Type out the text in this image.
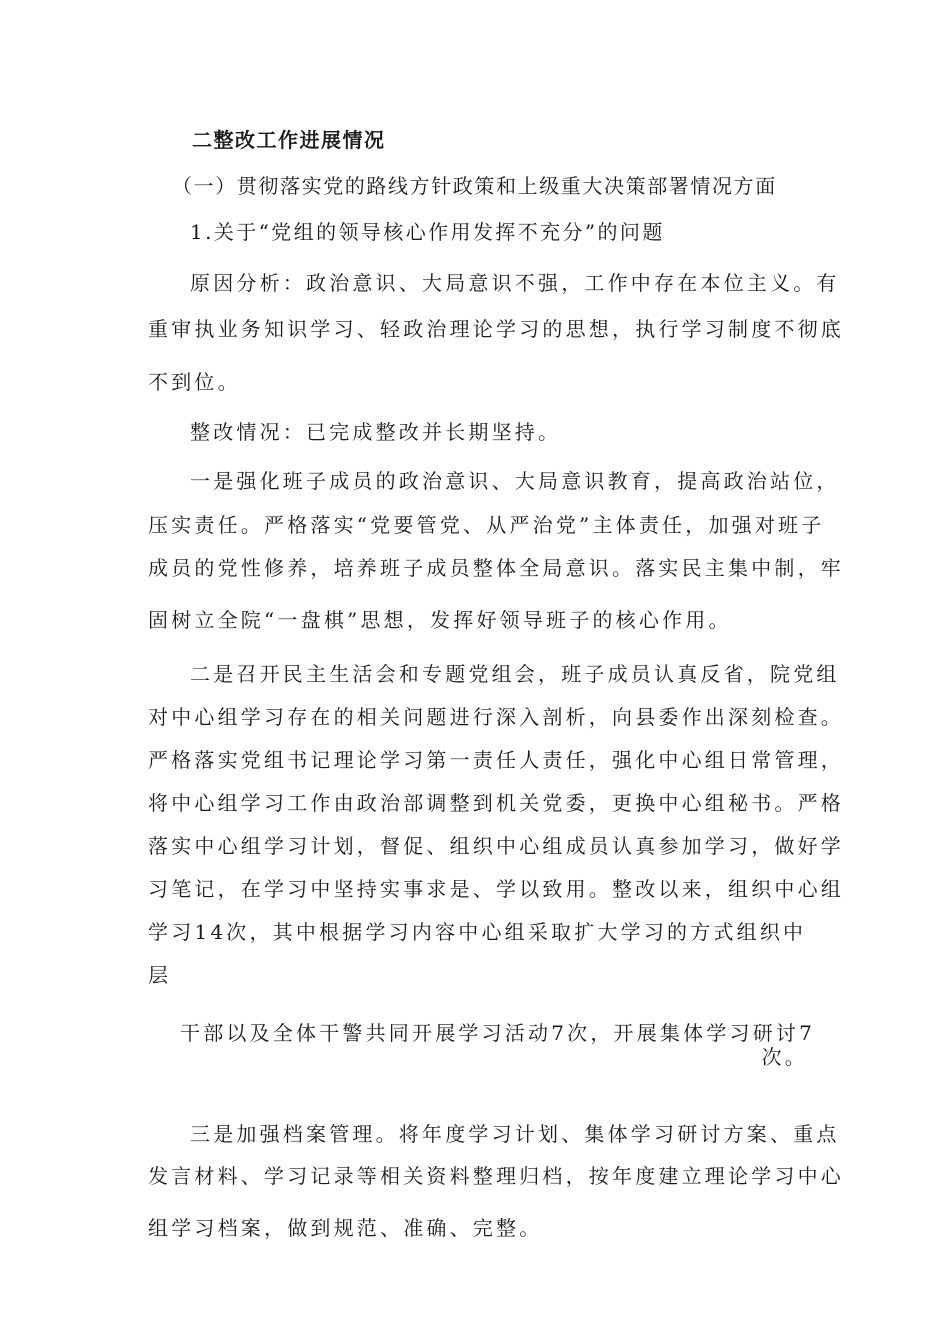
二整改工作进展情况
（一）贯彻落实党的路线方针政策和上级重大决策部署情况方面
1.关于“党组的领导核心作用发挥不充分”的问题
原因分析：政治意识、大局意识不强，工作中存在本位主义。有
重审执业务知识学习、轻政治理论学习的思想，执行学习制度不彻底
不到位。
整改情况：已完成整改并长期坚持。
一是强化班子成员的政治意识、大局意识教育，提高政治站位，
压实责任。严格落实“党要管党、从严治党”主体责任，加强对班子
成员的党性修养，培养班子成员整体全局意识。落实民主集中制，牢
固树立全院“一盘棋”思想，发挥好领导班子的核心作用。
二是召开民主生活会和专题党组会，班子成员认真反省，院党组
对中心组学习存在的相关问题进行深入剖析，向县委作出深刻检查。
严格落实党组书记理论学习第一责任人责任，强化中心组日常管理，
将中心组学习工作由政治部调整到机关党委，更换中心组秘书。严格
落实中心组学习计划，督促、组织中心组成员认真参加学习，做好学
习笔记，在学习中坚持实事求是、学以致用。整改以来，组织中心组
学习14次，其中根据学习内容中心组采取扩大学习的方式组织中
层
干部以及全体干警共同开展学习活动7次，开展集体学习研讨7
次。
三是加强档案管理。将年度学习计划、集体学习研讨方案、重点
发言材料、学习记录等相关资料整理归档，按年度建立理论学习中心
组学习档案，做到规范、准确、完整。
